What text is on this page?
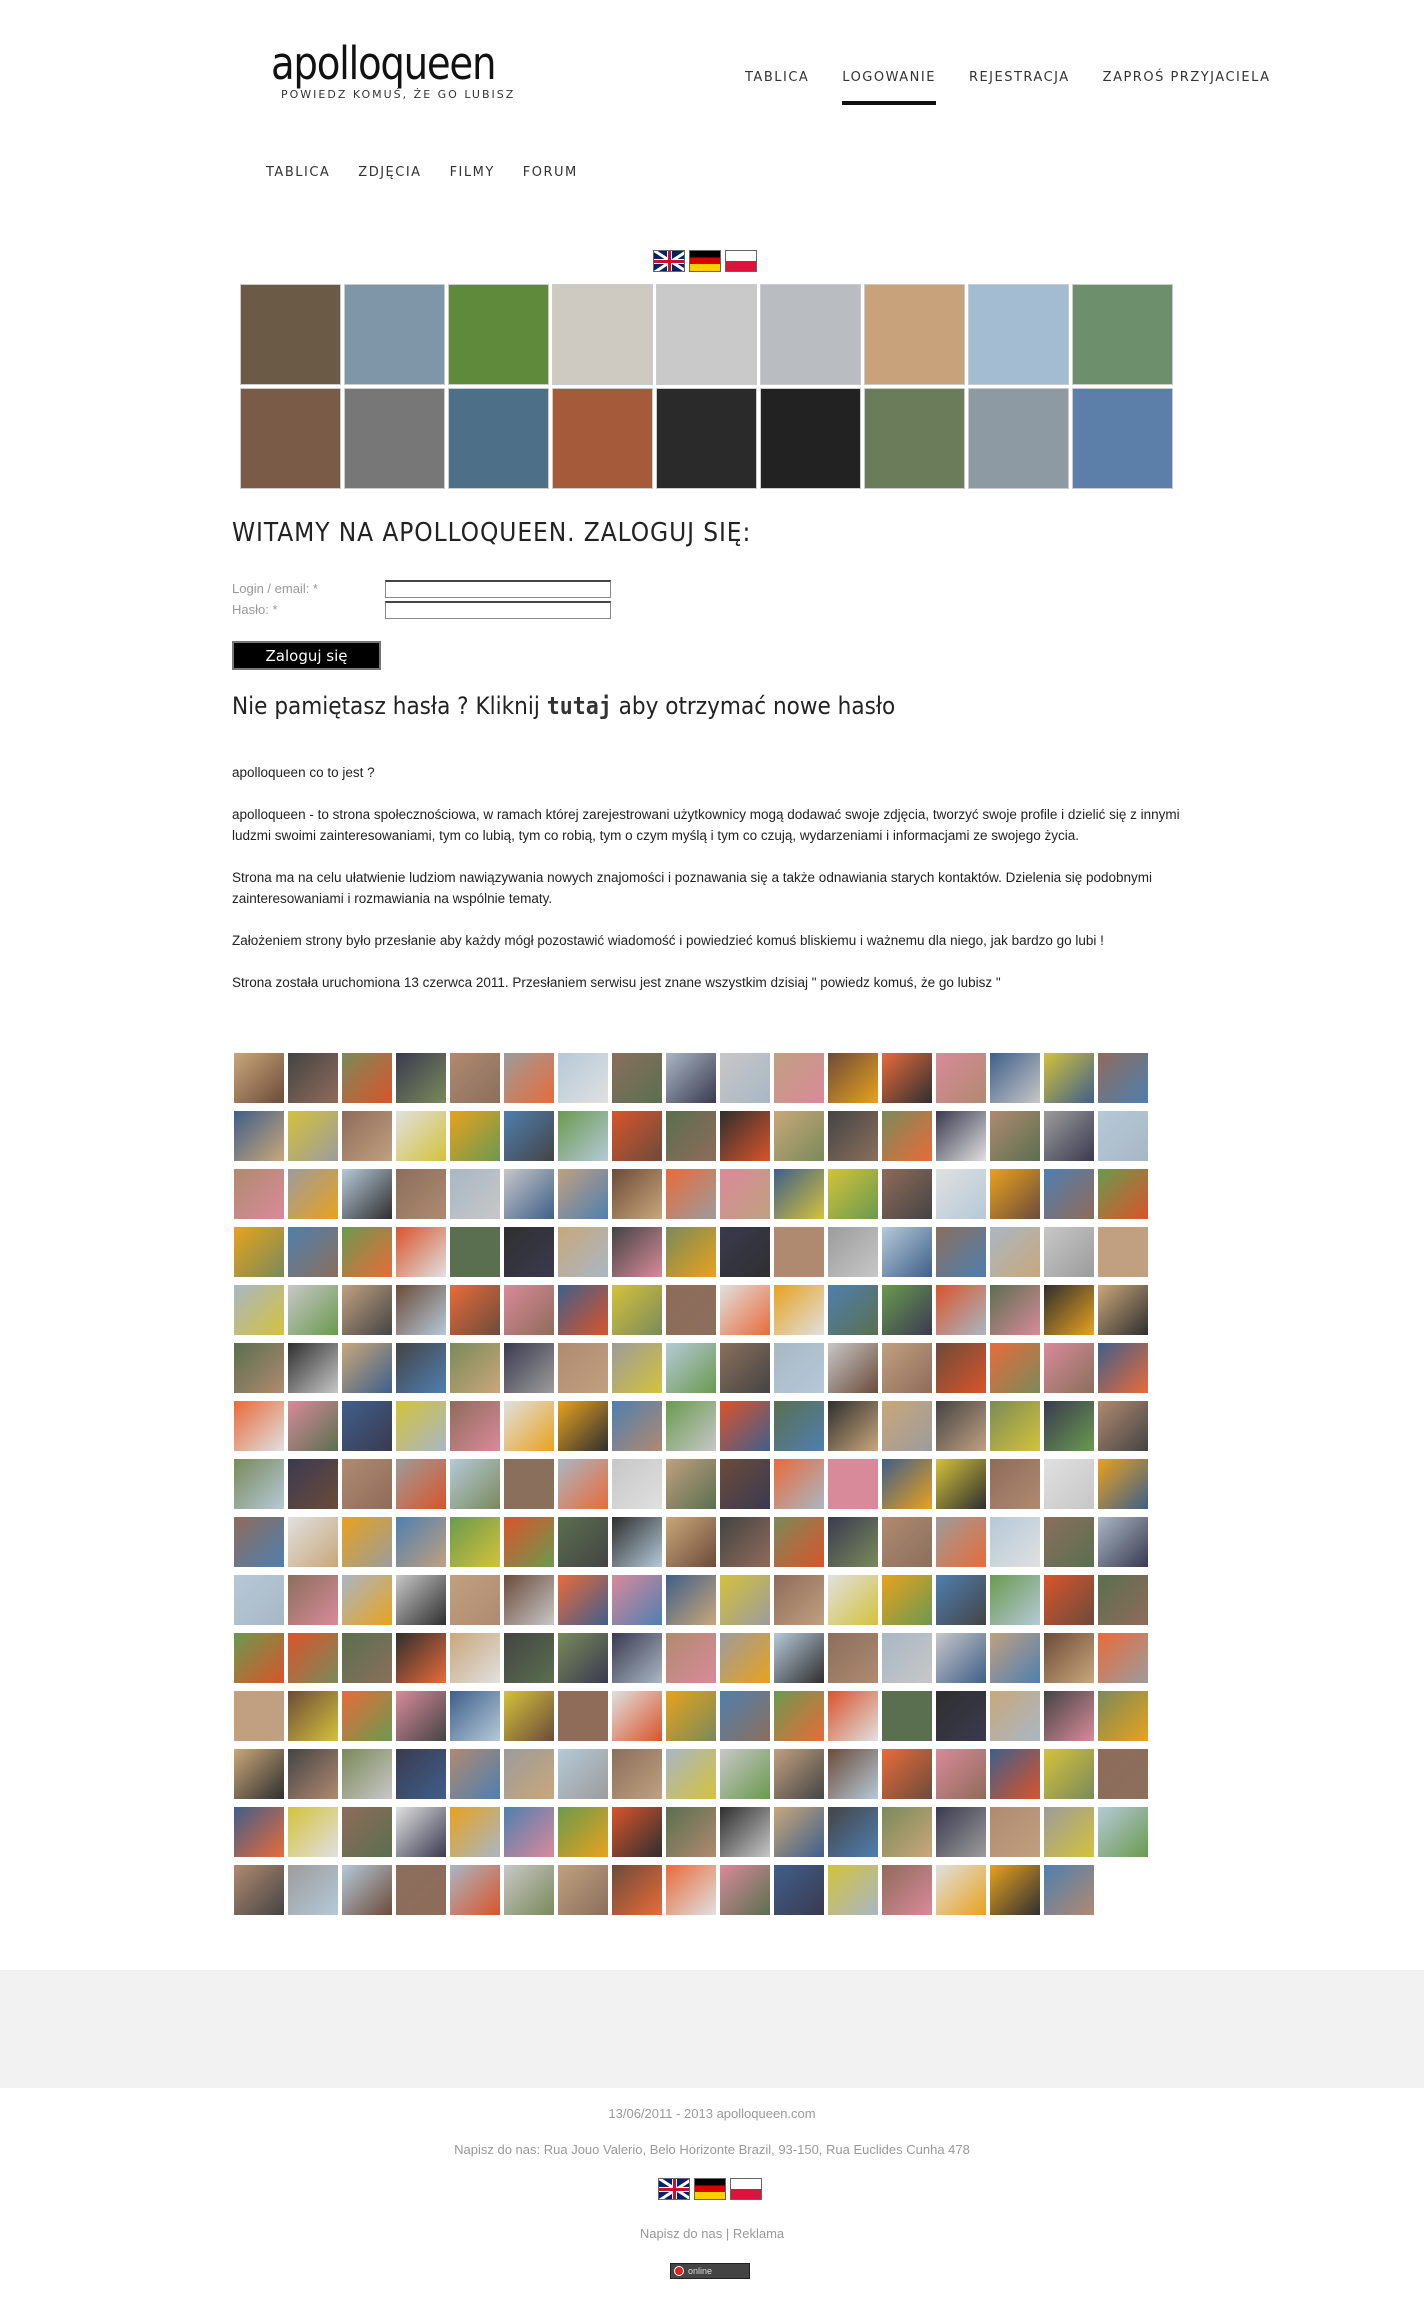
apolloqueen
POWIEDZ KOMUŚ, ŻE GO LUBISZ
TABLICA	LOGOWANIE	REJESTRACJA	ZAPROŚ PRZYJACIELA
TABLICA ZDJĘCIA FILMY FORUM
WITAMY NA APOLLOQUEEN. ZALOGUJ SIĘ:
Login / email: *
Hasło: *
Zaloguj się
Nie pamiętasz hasła ? Kliknij tutaj aby otrzymać nowe hasło

apolloqueen co to jest ?

apolloqueen - to strona społecznościowa, w ramach której zarejestrowani użytkownicy mogą dodawać swoje zdjęcia, tworzyć swoje profile i dzielić się z innymi ludzmi swoimi zainteresowaniami, tym co lubią, tym co robią, tym o czym myślą i tym co czują, wydarzeniami i informacjami ze swojego życia.

Strona ma na celu ułatwienie ludziom nawiązywania nowych znajomości i poznawania się a także odnawiania starych kontaktów. Dzielenia się podobnymi zainteresowaniami i rozmawiania na wspólnie tematy.

Założeniem strony było przesłanie aby każdy mógł pozostawić wiadomość i powiedzieć komuś bliskiemu i ważnemu dla niego, jak bardzo go lubi !

Strona została uruchomiona 13 czerwca 2011. Przesłaniem serwisu jest znane wszystkim dzisiaj " powiedz komuś, że go lubisz "

13/06/2011 - 2013 apolloqueen.com
Napisz do nas: Rua Jouo Valerio, Belo Horizonte Brazil, 93-150, Rua Euclides Cunha 478
Napisz do nas | Reklama
online
